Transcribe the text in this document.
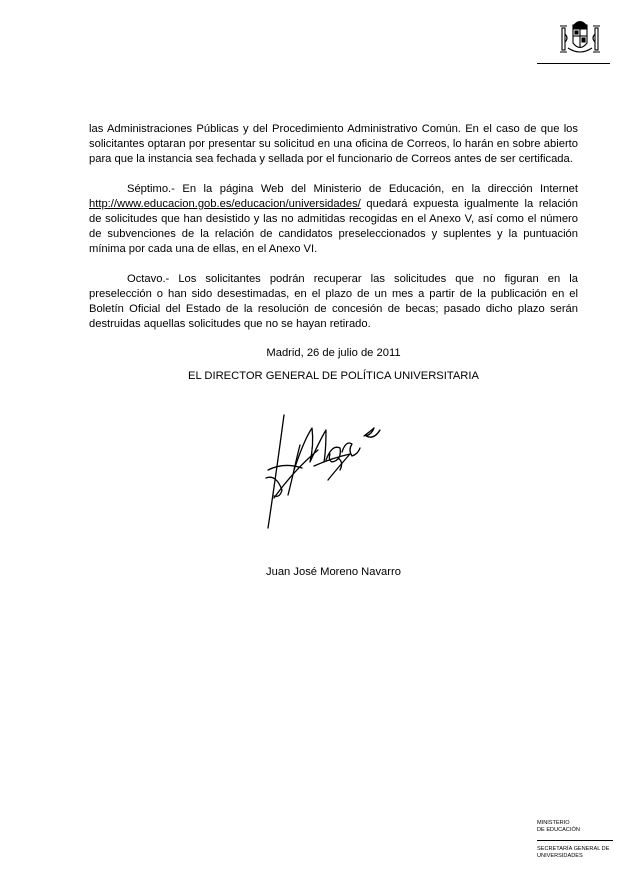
las Administraciones Públicas y del Procedimiento Administrativo Común. En el caso de que los solicitantes optaran por presentar su solicitud en una oficina de Correos, lo harán en sobre abierto para que la instancia sea fechada y sellada por el funcionario de Correos antes de ser certificada.

Séptimo.- En la página Web del Ministerio de Educación, en la dirección Internet http://www.educacion.gob.es/educacion/universidades/ quedará expuesta igualmente la relación de solicitudes que han desistido y las no admitidas recogidas en el Anexo V, así como el número de subvenciones de la relación de candidatos preseleccionados y suplentes y la puntuación mínima por cada una de ellas, en el Anexo VI.

Octavo.- Los solicitantes podrán recuperar las solicitudes que no figuran en la preselección o han sido desestimadas, en el plazo de un mes a partir de la publicación en el Boletín Oficial del Estado de la resolución de concesión de becas; pasado dicho plazo serán destruidas aquellas solicitudes que no se hayan retirado.

Madrid, 26 de julio de 2011
EL DIRECTOR GENERAL DE POLÍTICA UNIVERSITARIA
Juan José Moreno Navarro
MINISTERIO
DE EDUCACIÓN
SECRETARÍA GENERAL DE
UNIVERSIDADES
